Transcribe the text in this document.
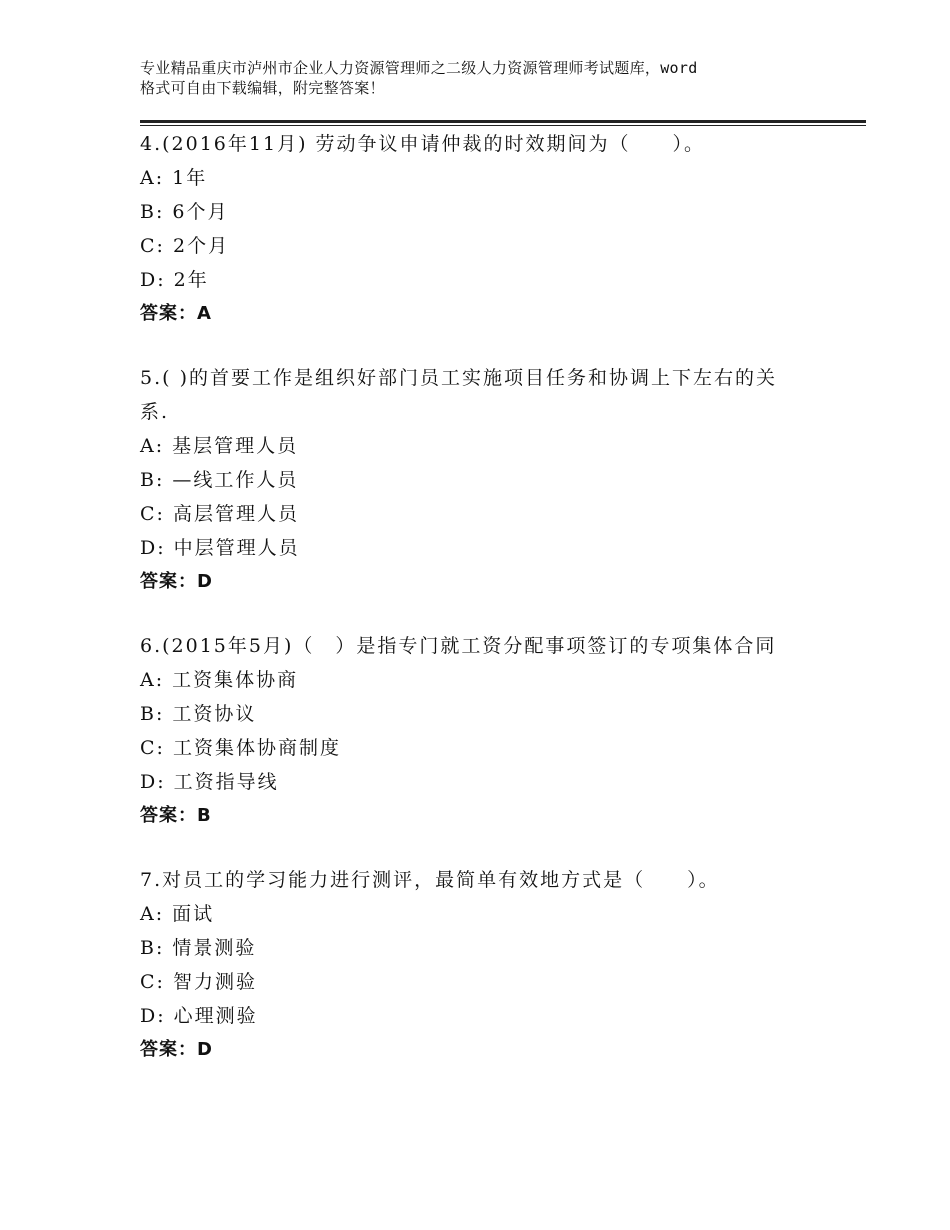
专业精品重庆市泸州市企业人力资源管理师之二级人力资源管理师考试题库，word
格式可自由下载编辑，附完整答案！
4.(2016年11月) 劳动争议申请仲裁的时效期间为（　　）。
A: 1年
B: 6个月
C: 2个月
D: 2年
答案：A
5.( )的首要工作是组织好部门员工实施项目任务和协调上下左右的关系.
A: 基层管理人员
B: —线工作人员
C: 高层管理人员
D: 中层管理人员
答案：D
6.(2015年5月)（　）是指专门就工资分配事项签订的专项集体合同
A: 工资集体协商
B: 工资协议
C: 工资集体协商制度
D: 工资指导线
答案：B
7.对员工的学习能力进行测评，最简单有效地方式是（　　）。
A: 面试
B: 情景测验
C: 智力测验
D: 心理测验
答案：D
